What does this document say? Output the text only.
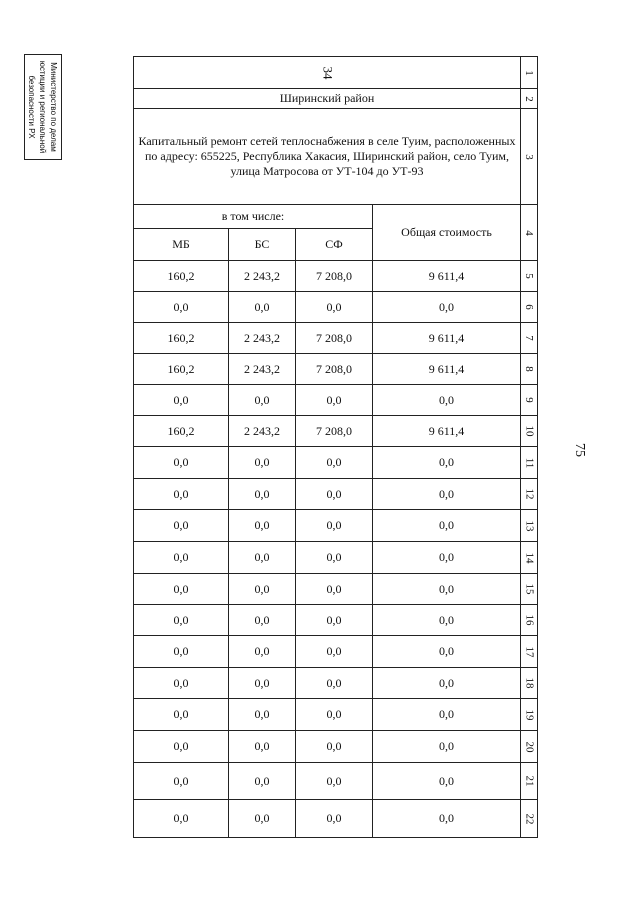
Министерство по делам
юстиции и региональной
безопасности РХ
75
34				1
Ширинский район				2
Капитальный ремонт сетей теплоснабжения в селе Туим, расположенных по адресу: 655225, Республика Хакасия, Ширинский район, село Туим, улица Матросова от УТ-104 до УТ-93				3
в том числе:			Общая стоимость	4
МБ	БС	СФ		
160,2	2 243,2	7 208,0	9 611,4	5
0,0	0,0	0,0	0,0	6
160,2	2 243,2	7 208,0	9 611,4	7
160,2	2 243,2	7 208,0	9 611,4	8
0,0	0,0	0,0	0,0	9
160,2	2 243,2	7 208,0	9 611,4	10
0,0	0,0	0,0	0,0	11
0,0	0,0	0,0	0,0	12
0,0	0,0	0,0	0,0	13
0,0	0,0	0,0	0,0	14
0,0	0,0	0,0	0,0	15
0,0	0,0	0,0	0,0	16
0,0	0,0	0,0	0,0	17
0,0	0,0	0,0	0,0	18
0,0	0,0	0,0	0,0	19
0,0	0,0	0,0	0,0	20
0,0	0,0	0,0	0,0	21
0,0	0,0	0,0	0,0	22
